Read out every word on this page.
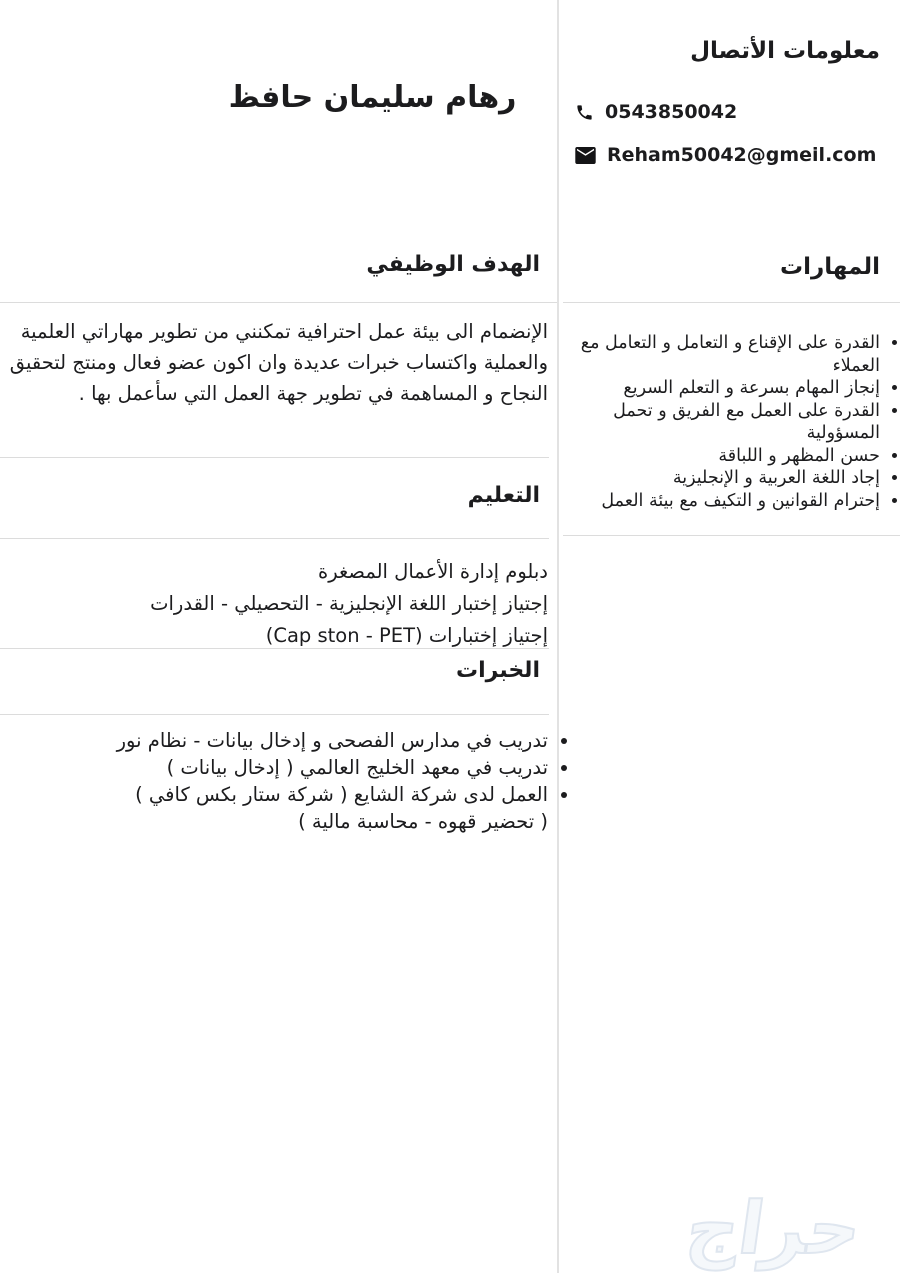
رهام سليمان حافظ
الهدف الوظيفي

الإنضمام الى بيئة عمل احترافية تمكنني من تطوير مهاراتي العلمية والعملية واكتساب خبرات عديدة وان اكون عضو فعال ومنتج لتحقيق النجاح و المساهمة في تطوير جهة العمل التي سأعمل بها .

التعليم
دبلوم إدارة الأعمال المصغرة
إجتياز إختبار اللغة الإنجليزية - التحصيلي - القدرات
إجتياز إختبارات (Cap ston - PET)
الخبرات
• تدريب في مدارس الفصحى و إدخال بيانات - نظام نور
• تدريب في معهد الخليج العالمي ( إدخال بيانات )
• العمل لدى شركة الشايع ( شركة ستار بكس كافي )
( تحضير قهوه - محاسبة مالية )
معلومات الأتصال
0543850042
Reham50042@gmeil.com
المهارات
• القدرة على الإقناع و التعامل و التعامل مع العملاء
• إنجاز المهام بسرعة و التعلم السريع
• القدرة على العمل مع الفريق و تحمل المسؤولية
• حسن المظهر و اللباقة
• إجاد اللغة العربية و الإنجليزية
• إحترام القوانين و التكيف مع بيئة العمل
حراج
